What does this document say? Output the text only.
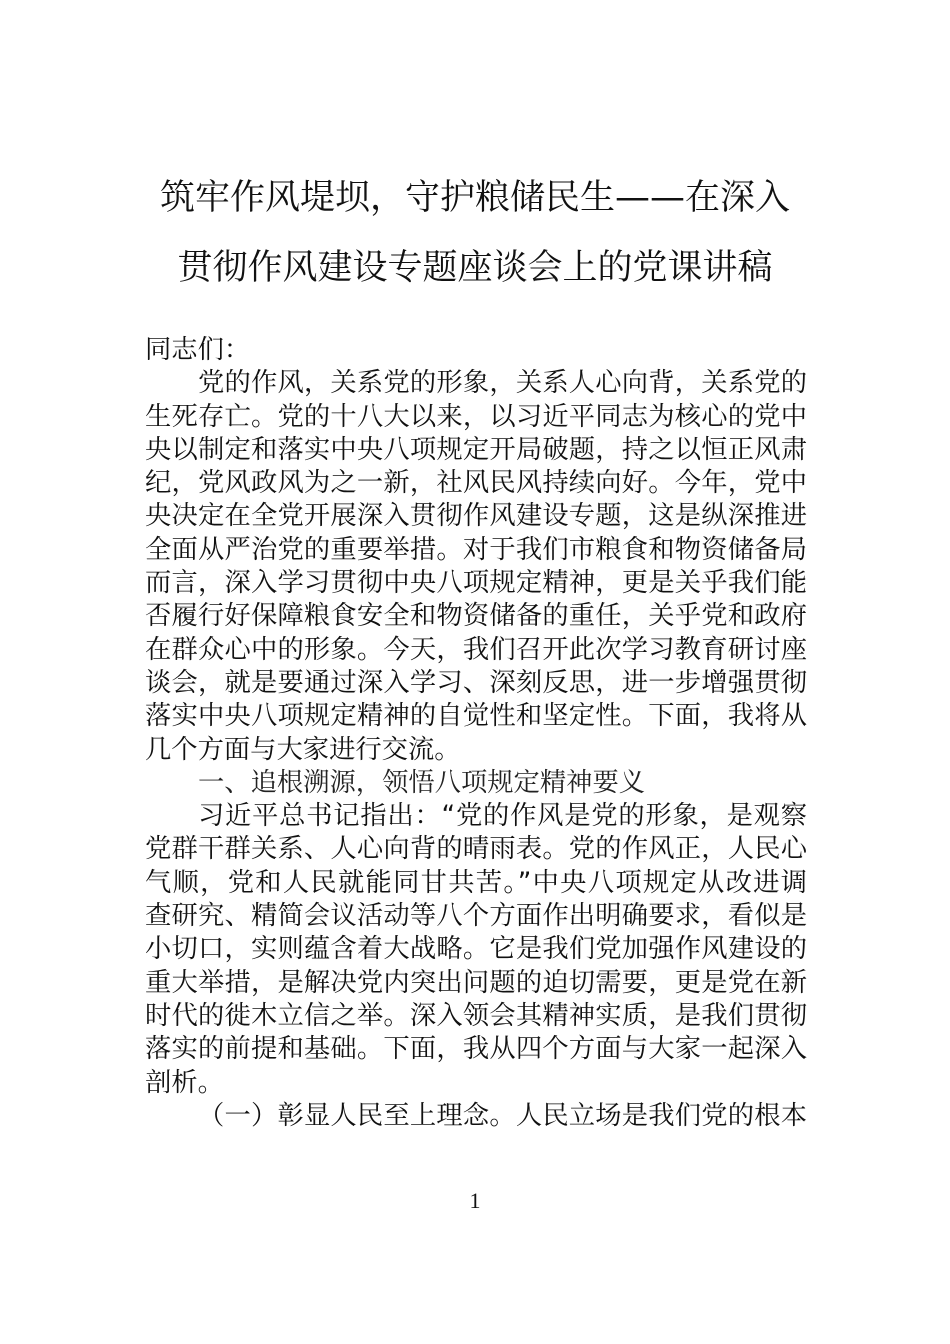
筑牢作风堤坝，守护粮储民生——在深入
贯彻作风建设专题座谈会上的党课讲稿
同志们：
党的作风，关系党的形象，关系人心向背，关系党的
生死存亡。党的十八大以来，以习近平同志为核心的党中
央以制定和落实中央八项规定开局破题，持之以恒正风肃
纪，党风政风为之一新，社风民风持续向好。今年，党中
央决定在全党开展深入贯彻作风建设专题，这是纵深推进
全面从严治党的重要举措。对于我们市粮食和物资储备局
而言，深入学习贯彻中央八项规定精神，更是关乎我们能
否履行好保障粮食安全和物资储备的重任，关乎党和政府
在群众心中的形象。今天，我们召开此次学习教育研讨座
谈会，就是要通过深入学习、深刻反思，进一步增强贯彻
落实中央八项规定精神的自觉性和坚定性。下面，我将从
几个方面与大家进行交流。
一、追根溯源，领悟八项规定精神要义
习近平总书记指出：“党的作风是党的形象，是观察
党群干群关系、人心向背的晴雨表。党的作风正，人民心
气顺，党和人民就能同甘共苦。”中央八项规定从改进调
查研究、精简会议活动等八个方面作出明确要求，看似是
小切口，实则蕴含着大战略。它是我们党加强作风建设的
重大举措，是解决党内突出问题的迫切需要，更是党在新
时代的徙木立信之举。深入领会其精神实质，是我们贯彻
落实的前提和基础。下面，我从四个方面与大家一起深入
剖析。
（一）彰显人民至上理念。人民立场是我们党的根本
1
